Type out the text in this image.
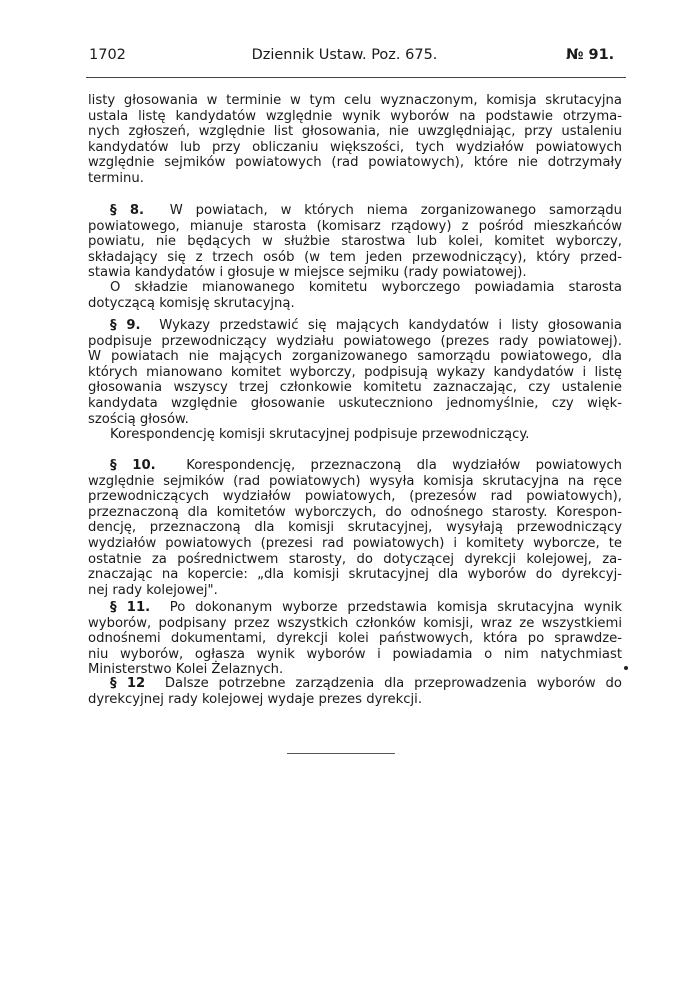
1702	Dziennik Ustaw. Poz. 675.	№ 91.
listy głosowania w terminie w tym celu wyznaczonym, komisja skrutacyjna
ustala listę kandydatów względnie wynik wyborów na podstawie otrzyma-
nych zgłoszeń, względnie list głosowania, nie uwzględniając, przy ustaleniu
kandydatów lub przy obliczaniu większości, tych wydziałów powiatowych
względnie sejmików powiatowych (rad powiatowych), które nie dotrzymały
terminu.
§ 8. W powiatach, w których niema zorganizowanego samorządu
powiatowego, mianuje starosta (komisarz rządowy) z pośród mieszkańców
powiatu, nie będących w służbie starostwa lub kolei, komitet wyborczy,
składający się z trzech osób (w tem jeden przewodniczący), który przed-
stawia kandydatów i głosuje w miejsce sejmiku (rady powiatowej).
O składzie mianowanego komitetu wyborczego powiadamia starosta
dotyczącą komisję skrutacyjną.
§ 9. Wykazy przedstawić się mających kandydatów i listy głosowania
podpisuje przewodniczący wydziału powiatowego (prezes rady powiatowej).
W powiatach nie mających zorganizowanego samorządu powiatowego, dla
których mianowano komitet wyborczy, podpisują wykazy kandydatów i listę
głosowania wszyscy trzej członkowie komitetu zaznaczając, czy ustalenie
kandydata względnie głosowanie uskuteczniono jednomyślnie, czy więk-
szością głosów.
Korespondencję komisji skrutacyjnej podpisuje przewodniczący.
§ 10. Korespondencję, przeznaczoną dla wydziałów powiatowych
względnie sejmików (rad powiatowych) wysyła komisja skrutacyjna na ręce
przewodniczących wydziałów powiatowych, (prezesów rad powiatowych),
przeznaczoną dla komitetów wyborczych, do odnośnego starosty. Korespon-
dencję, przeznaczoną dla komisji skrutacyjnej, wysyłają przewodniczący
wydziałów powiatowych (prezesi rad powiatowych) i komitety wyborcze, te
ostatnie za pośrednictwem starosty, do dotyczącej dyrekcji kolejowej, za-
znaczając na kopercie: „dla komisji skrutacyjnej dla wyborów do dyrekcyj-
nej rady kolejowej".
§ 11. Po dokonanym wyborze przedstawia komisja skrutacyjna wynik
wyborów, podpisany przez wszystkich członków komisji, wraz ze wszystkiemi
odnośnemi dokumentami, dyrekcji kolei państwowych, która po sprawdze-
niu wyborów, ogłasza wynik wyborów i powiadamia o nim natychmiast
Ministerstwo Kolei Żelaznych.
§ 12 Dalsze potrzebne zarządzenia dla przeprowadzenia wyborów do
dyrekcyjnej rady kolejowej wydaje prezes dyrekcji.
